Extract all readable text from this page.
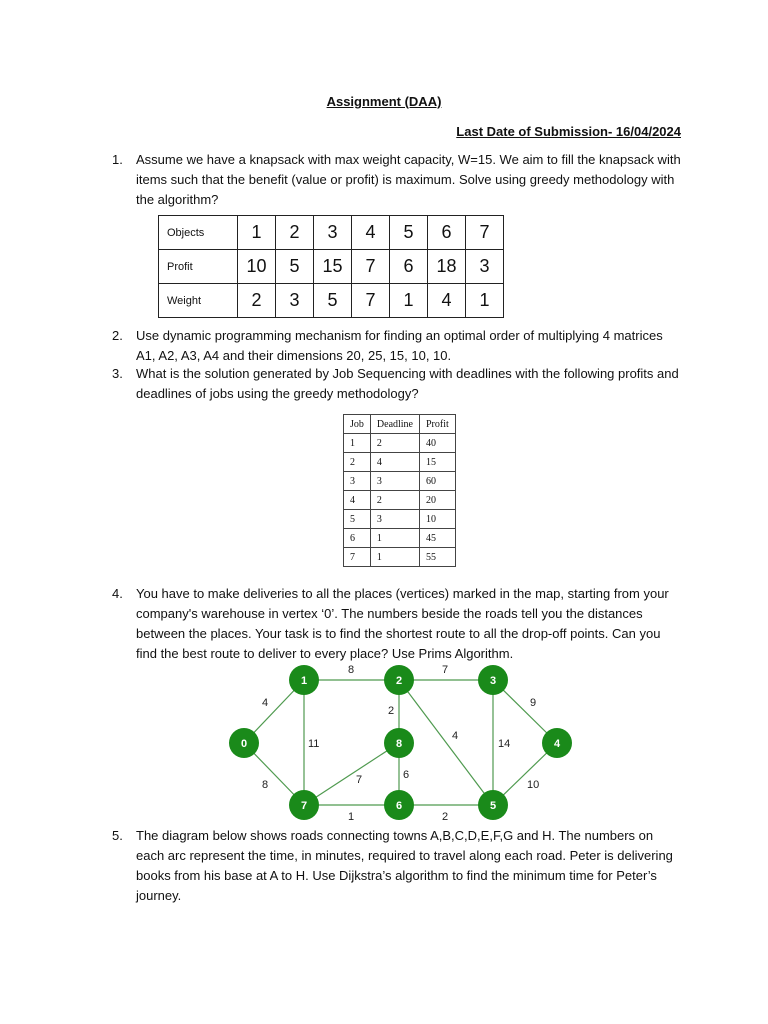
Assignment (DAA)
Last Date of Submission- 16/04/2024
1.	Assume we have a knapsack with max weight capacity, W=15. We aim to fill the knapsack with items such that the benefit (value or profit) is maximum. Solve using greedy methodology with the algorithm?
Objects	1	2	3	4	5	6	7
Profit	10	5	15	7	6	18	3
Weight	2	3	5	7	1	4	1
2.	Use dynamic programming mechanism for finding an optimal order of multiplying 4 matrices A1, A2, A3, A4 and their dimensions 20, 25, 15, 10, 10.
3.	What is the solution generated by Job Sequencing with deadlines with the following profits and deadlines of jobs using the greedy methodology?
Job	Deadline	Profit
1	2	40
2	4	15
3	3	60
4	2	20
5	3	10
6	1	45
7	1	55
4.	You have to make deliveries to all the places (vertices) marked in the map, starting from your company's warehouse in vertex ‘0’. The numbers beside the roads tell you the distances between the places. Your task is to find the shortest route to all the drop-off points. Can you find the best route to deliver to every place? Use Prims Algorithm.
4
8
7
9
2
11
4
14
7	6
8
10
1	2
0
1	2	3
4
5
6
7
8
5.	The diagram below shows roads connecting towns A,B,C,D,E,F,G and H. The numbers on each arc represent the time, in minutes, required to travel along each road. Peter is delivering books from his base at A to H. Use Dijkstra’s algorithm to find the minimum time for Peter’s journey.
